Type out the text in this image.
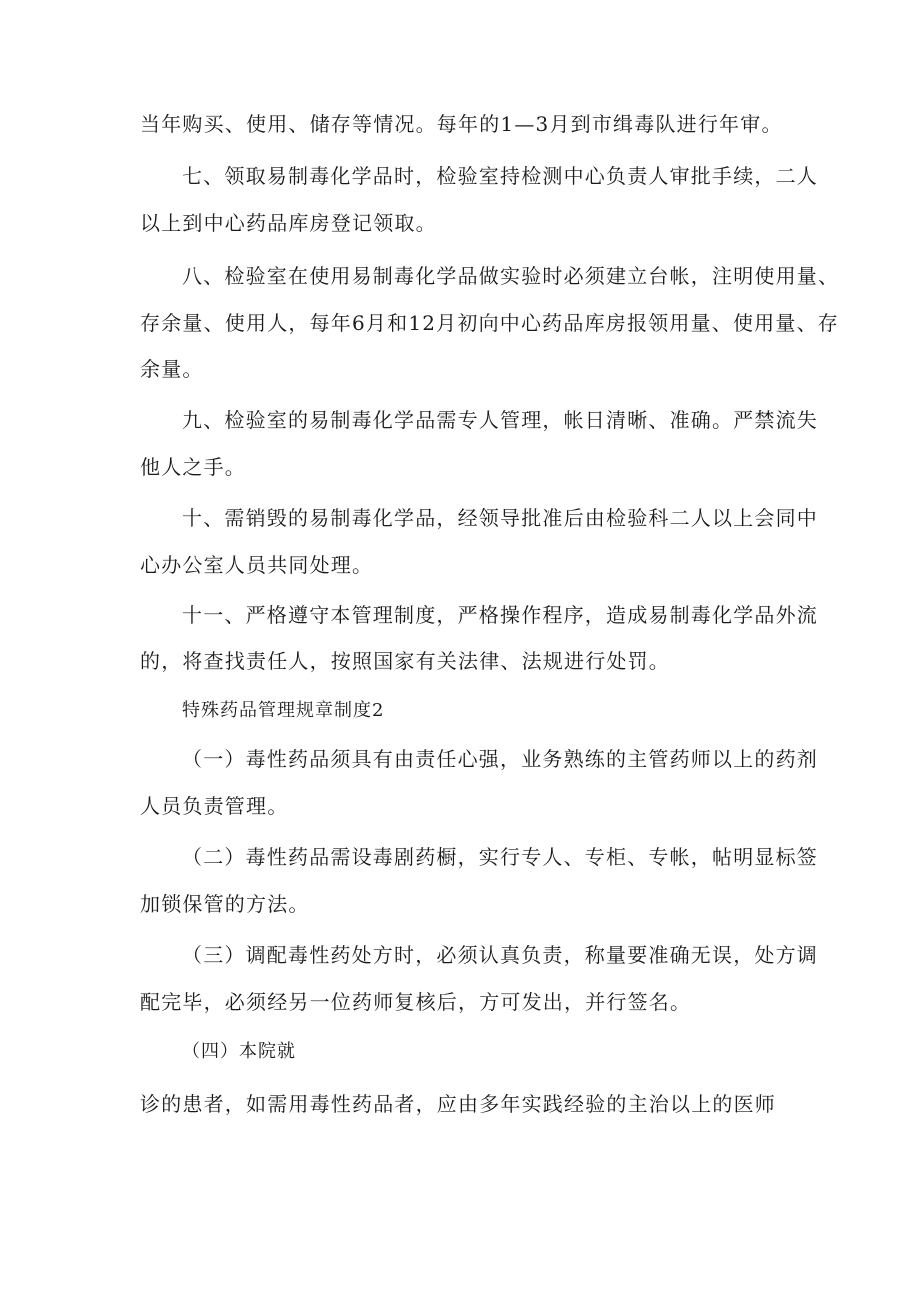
当年购买、使用、储存等情况。每年的1—3月到市缉毒队进行年审。
七、领取易制毒化学品时，检验室持检测中心负责人审批手续，二人
以上到中心药品库房登记领取。
八、检验室在使用易制毒化学品做实验时必须建立台帐，注明使用量、
存余量、使用人，每年6月和12月初向中心药品库房报领用量、使用量、存
余量。
九、检验室的易制毒化学品需专人管理，帐日清晰、准确。严禁流失
他人之手。
十、需销毁的易制毒化学品，经领导批准后由检验科二人以上会同中
心办公室人员共同处理。
十一、严格遵守本管理制度，严格操作程序，造成易制毒化学品外流
的，将查找责任人，按照国家有关法律、法规进行处罚。
特殊药品管理规章制度2
（一）毒性药品须具有由责任心强，业务熟练的主管药师以上的药剂
人员负责管理。
（二）毒性药品需设毒剧药橱，实行专人、专柜、专帐，帖明显标签
加锁保管的方法。
（三）调配毒性药处方时，必须认真负责，称量要准确无误，处方调
配完毕，必须经另一位药师复核后，方可发出，并行签名。
（四）本院就
诊的患者，如需用毒性药品者，应由多年实践经验的主治以上的医师
